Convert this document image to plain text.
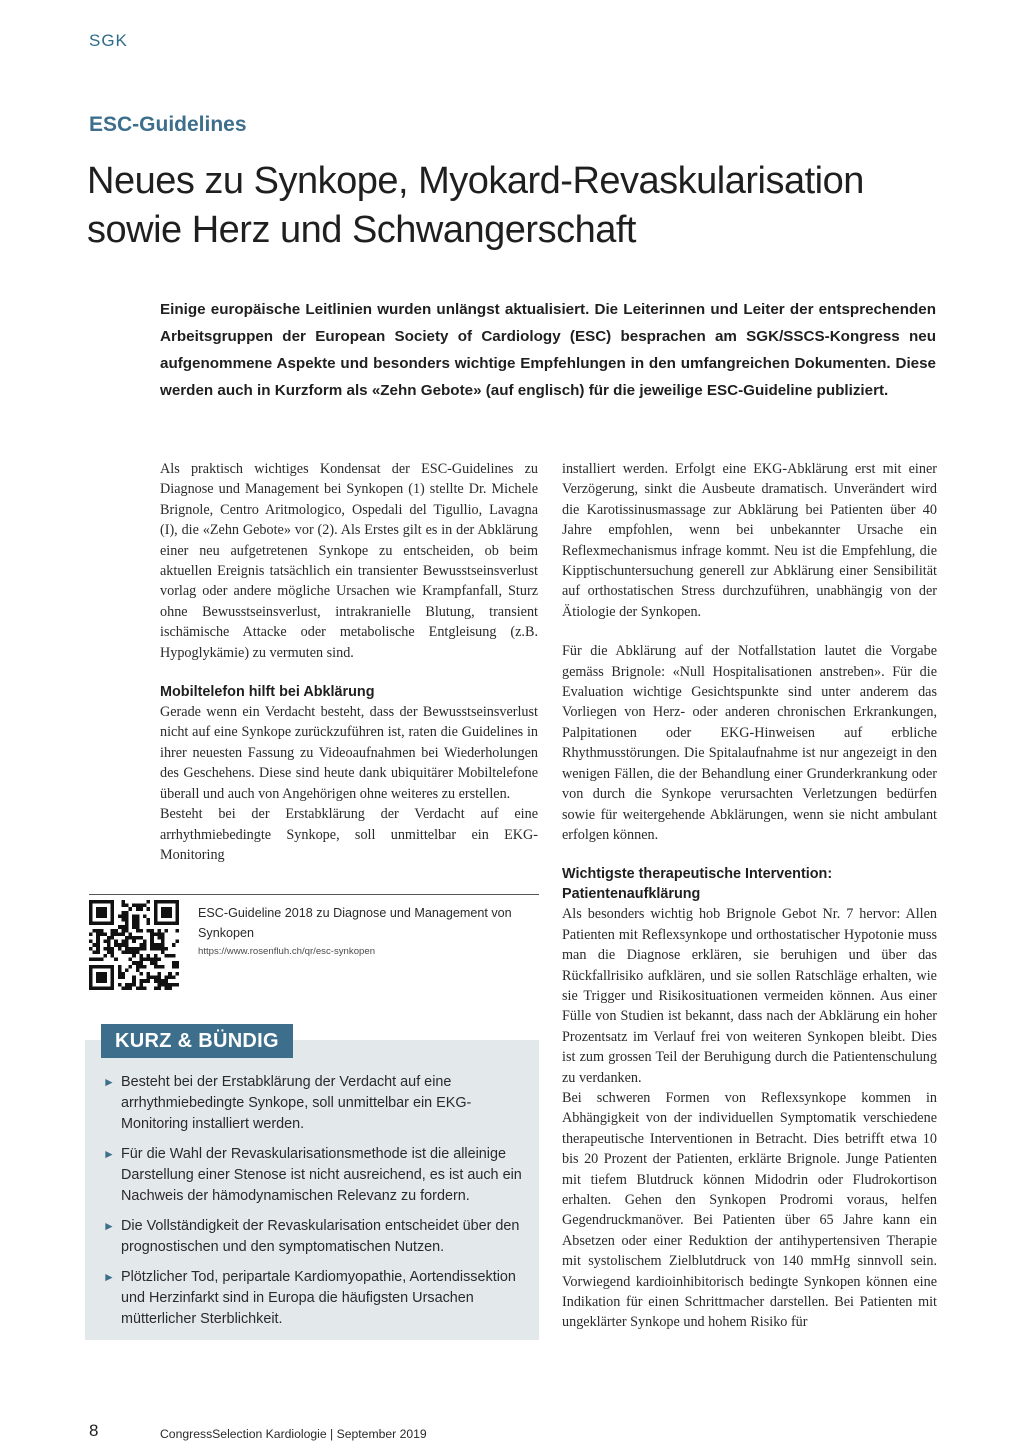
SGK
ESC-Guidelines
Neues zu Synkope, Myokard-Revaskularisation sowie Herz und Schwangerschaft

Einige europäische Leitlinien wurden unlängst aktualisiert. Die Leiterinnen und Leiter der entsprechenden Arbeitsgruppen der European Society of Cardiology (ESC) besprachen am SGK/SSCS-Kongress neu aufgenommene Aspekte und besonders wichtige Empfehlungen in den umfangreichen Dokumenten. Diese werden auch in Kurzform als «Zehn Gebote» (auf englisch) für die jeweilige ESC-Guideline publiziert.

Als praktisch wichtiges Kondensat der ESC-Guidelines zu Diagnose und Management bei Synkopen (1) stellte Dr. Michele Brignole, Centro Aritmologico, Ospedali del Tigullio, Lavagna (I), die «Zehn Gebote» vor (2). Als Erstes gilt es in der Abklärung einer neu aufgetretenen Synkope zu entscheiden, ob beim aktuellen Ereignis tatsächlich ein transienter Bewusstseinsverlust vorlag oder andere mögliche Ursachen wie Krampfanfall, Sturz ohne Bewusstseinsverlust, intrakranielle Blutung, transient ischämische Attacke oder metabolische Entgleisung (z.B. Hypoglykämie) zu vermuten sind.

Mobiltelefon hilft bei Abklärung

Gerade wenn ein Verdacht besteht, dass der Bewusstseinsverlust nicht auf eine Synkope zurückzuführen ist, raten die Guidelines in ihrer neuesten Fassung zu Videoaufnahmen bei Wiederholungen des Geschehens. Diese sind heute dank ubiquitärer Mobiltelefone überall und auch von Angehörigen ohne weiteres zu erstellen.

Besteht bei der Erstabklärung der Verdacht auf eine arrhythmiebedingte Synkope, soll unmittelbar ein EKG-Monitoring

installiert werden. Erfolgt eine EKG-Abklärung erst mit einer Verzögerung, sinkt die Ausbeute dramatisch. Unverändert wird die Karotissinusmassage zur Abklärung bei Patienten über 40 Jahre empfohlen, wenn bei unbekannter Ursache ein Reflexmechanismus infrage kommt. Neu ist die Empfehlung, die Kipptischuntersuchung generell zur Abklärung einer Sensibilität auf orthostatischen Stress durchzuführen, unabhängig von der Ätiologie der Synkopen.

Für die Abklärung auf der Notfallstation lautet die Vorgabe gemäss Brignole: «Null Hospitalisationen anstreben». Für die Evaluation wichtige Gesichtspunkte sind unter anderem das Vorliegen von Herz- oder anderen chronischen Erkrankungen, Palpitationen oder EKG-Hinweisen auf erbliche Rhythmusstörungen. Die Spitalaufnahme ist nur angezeigt in den wenigen Fällen, die der Behandlung einer Grunderkrankung oder von durch die Synkope verursachten Verletzungen bedürfen sowie für weitergehende Abklärungen, wenn sie nicht ambulant erfolgen können.

Wichtigste therapeutische Intervention: Patientenaufklärung

Als besonders wichtig hob Brignole Gebot Nr. 7 hervor: Allen Patienten mit Reflexsynkope und orthostatischer Hypotonie muss man die Diagnose erklären, sie beruhigen und über das Rückfallrisiko aufklären, und sie sollen Ratschläge erhalten, wie sie Trigger und Risikosituationen vermeiden können. Aus einer Fülle von Studien ist bekannt, dass nach der Abklärung ein hoher Prozentsatz im Verlauf frei von weiteren Synkopen bleibt. Dies ist zum grossen Teil der Beruhigung durch die Patientenschulung zu verdanken.

Bei schweren Formen von Reflexsynkope kommen in Abhängigkeit von der individuellen Symptomatik verschiedene therapeutische Interventionen in Betracht. Dies betrifft etwa 10 bis 20 Prozent der Patienten, erklärte Brignole. Junge Patienten mit tiefem Blutdruck können Midodrin oder Fludrokortison erhalten. Gehen den Synkopen Prodromi voraus, helfen Gegendruckmanöver. Bei Patienten über 65 Jahre kann ein Absetzen oder einer Reduktion der antihypertensiven Therapie mit systolischem Zielblutdruck von 140 mmHg sinnvoll sein. Vorwiegend kardioinhibitorisch bedingte Synkopen können eine Indikation für einen Schrittmacher darstellen. Bei Patienten mit ungeklärter Synkope und hohem Risiko für

ESC-Guideline 2018 zu Diagnose und Management von Synkopen
https://www.rosenfluh.ch/qr/esc-synkopen
KURZ & BÜNDIG
► Besteht bei der Erstabklärung der Verdacht auf eine arrhythmiebedingte Synkope, soll unmittelbar ein EKG-Monitoring installiert werden.
► Für die Wahl der Revaskularisationsmethode ist die alleinige Darstellung einer Stenose ist nicht ausreichend, es ist auch ein Nachweis der hämodynamischen Relevanz zu fordern.
► Die Vollständigkeit der Revaskularisation entscheidet über den prognostischen und den symptomatischen Nutzen.
► Plötzlicher Tod, peripartale Kardiomyopathie, Aortendissektion und Herzinfarkt sind in Europa die häufigsten Ursachen mütterlicher Sterblichkeit.
8	CongressSelection Kardiologie | September 2019
